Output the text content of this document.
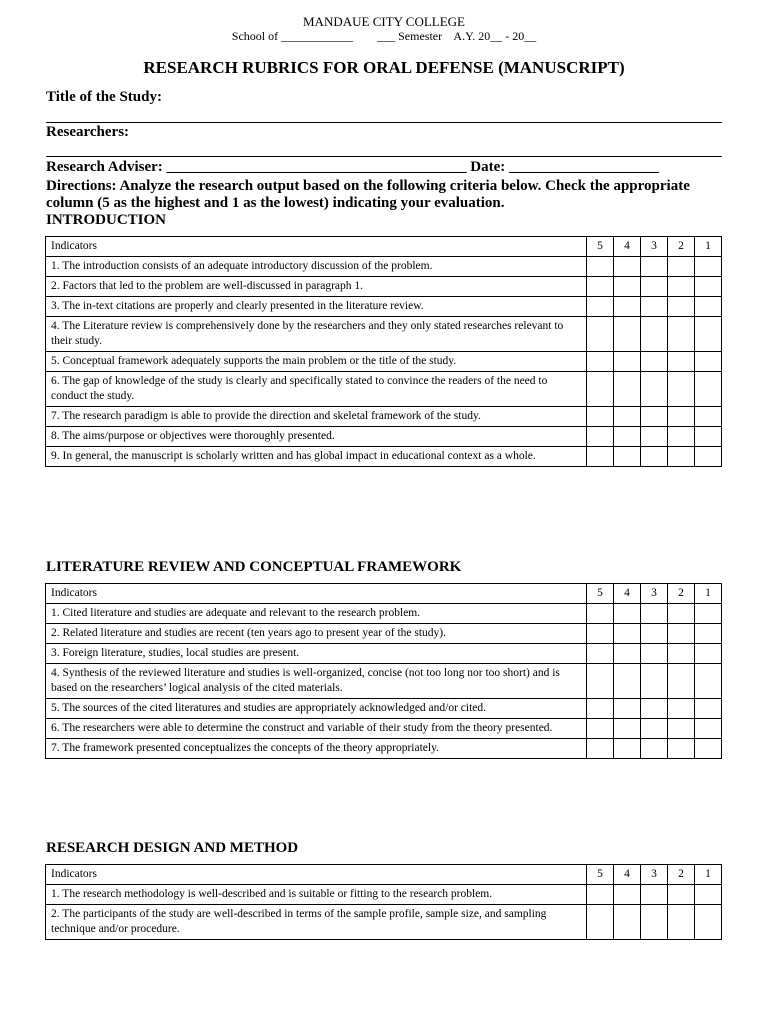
MANDAUE CITY COLLEGE
School of ____________        ___ Semester    A.Y. 20__ - 20__
RESEARCH RUBRICS FOR ORAL DEFENSE (MANUSCRIPT)
Title of the Study:
Researchers:
Research Adviser: ________________________________________ Date: ____________________
Directions: Analyze the research output based on the following criteria below. Check the appropriate column (5 as the highest and 1 as the lowest) indicating your evaluation.
INTRODUCTION
Indicators	5	4	3	2	1
1. The introduction consists of an adequate introductory discussion of the problem.					
2. Factors that led to the problem are well-discussed in paragraph 1.					
3. The in-text citations are properly and clearly presented in the literature review.					
4. The Literature review is comprehensively done by the researchers and they only stated researches relevant to their study.					
5. Conceptual framework adequately supports the main problem or the title of the study.					
6. The gap of knowledge of the study is clearly and specifically stated to convince the readers of the need to conduct the study.					
7. The research paradigm is able to provide the direction and skeletal framework of the study.					
8. The aims/purpose or objectives were thoroughly presented.					
9. In general, the manuscript is scholarly written and has global impact in educational context as a whole.					
LITERATURE REVIEW AND CONCEPTUAL FRAMEWORK
Indicators	5	4	3	2	1
1. Cited literature and studies are adequate and relevant to the research problem.					
2. Related literature and studies are recent (ten years ago to present year of the study).					
3. Foreign literature, studies, local studies are present.					
4. Synthesis of the reviewed literature and studies is well-organized, concise (not too long nor too short) and is based on the researchers’ logical analysis of the cited materials.					
5. The sources of the cited literatures and studies are appropriately acknowledged and/or cited.					
6. The researchers were able to determine the construct and variable of their study from the theory presented.					
7. The framework presented conceptualizes the concepts of the theory appropriately.					
RESEARCH DESIGN AND METHOD
Indicators	5	4	3	2	1
1. The research methodology is well-described and is suitable or fitting to the research problem.					
2. The participants of the study are well-described in terms of the sample profile, sample size, and sampling technique and/or procedure.					
